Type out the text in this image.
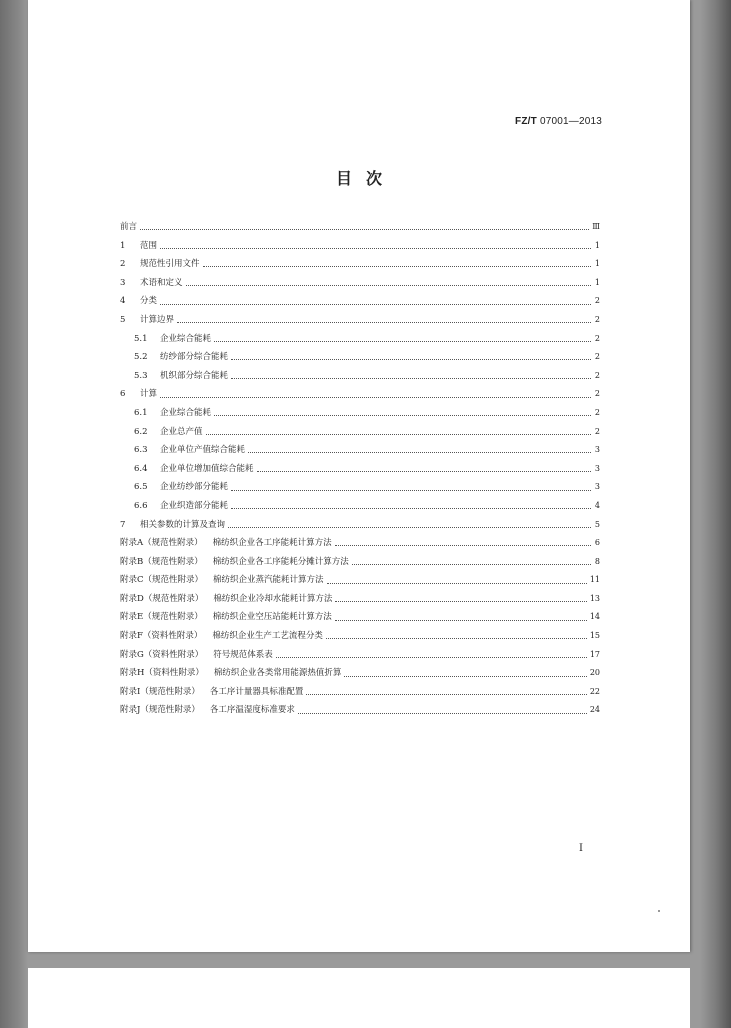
FZ/T 07001—2013
目次
前言	Ⅲ
1	范围	1
2	规范性引用文件	1
3	术语和定义	1
4	分类	2
5	计算边界	2
5.1	企业综合能耗	2
5.2	纺纱部分综合能耗	2
5.3	机织部分综合能耗	2
6	计算	2
6.1	企业综合能耗	2
6.2	企业总产值	2
6.3	企业单位产值综合能耗	3
6.4	企业单位增加值综合能耗	3
6.5	企业纺纱部分能耗	3
6.6	企业织造部分能耗	4
7	相关参数的计算及查询	5
附录A（规范性附录） 棉纺织企业各工序能耗计算方法	6
附录B（规范性附录） 棉纺织企业各工序能耗分摊计算方法	8
附录C（规范性附录） 棉纺织企业蒸汽能耗计算方法	11
附录D（规范性附录） 棉纺织企业冷却水能耗计算方法	13
附录E（规范性附录） 棉纺织企业空压站能耗计算方法	14
附录F（资料性附录） 棉纺织企业生产工艺流程分类	15
附录G（资料性附录） 符号规范体系表	17
附录H（资料性附录） 棉纺织企业各类常用能源热值折算	20
附录I（规范性附录） 各工序计量器具标准配置	22
附录J（规范性附录） 各工序温湿度标准要求	24
I
